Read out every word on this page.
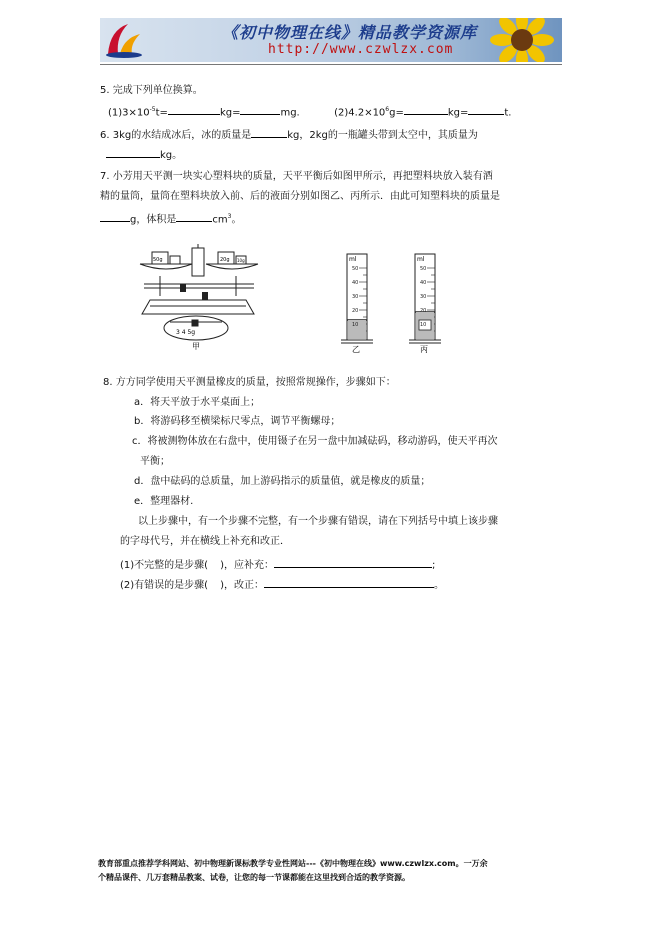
《初中物理在线》精品教学资源库
http://www.czwlzx.com
5. 完成下列单位换算。
$(1)3\times 10^{-5}t=$	kg=	mg.	$(2)4.2\times 10^6g=$	kg=	t.
6. 3kg的水结成冰后，冰的质量是	kg，2kg的一瓶罐头带到太空中，其质量为
kg。
7. 小芳用天平测一块实心塑料块的质量，天平平衡后如图甲所示，再把塑料块放入装有酒
精的量筒，量筒在塑料块放入前、后的液面分别如图乙、丙所示．由此可知塑料块的质量是
g，体积是	$cm^3$。
50g	20g 10g
3 4 5g
甲
ml
50
40
30
20
10
乙
ml
50
40
30
20
10
丙
8. 方方同学使用天平测量橡皮的质量，按照常规操作，步骤如下：
a．将天平放于水平桌面上；
b．将游码移至横梁标尺零点，调节平衡螺母；
c．将被测物体放在右盘中，使用镊子在另一盘中加减砝码，移动游码，使天平再次
平衡；
d．盘中砝码的总质量，加上游码指示的质量值，就是橡皮的质量；
e．整理器材.
以上步骤中，有一个步骤不完整，有一个步骤有错误，请在下列括号中填上该步骤
的字母代号，并在横线上补充和改正．
(1)不完整的是步骤( )，应补充：	;
(2)有错误的是步骤( )，改正：	。
教育部重点推荐学科网站、初中物理新课标教学专业性网站---《初中物理在线》www.czwlzx.com。一万余
个精品课件、几万套精品教案、试卷，让您的每一节课都能在这里找到合适的教学资源。
